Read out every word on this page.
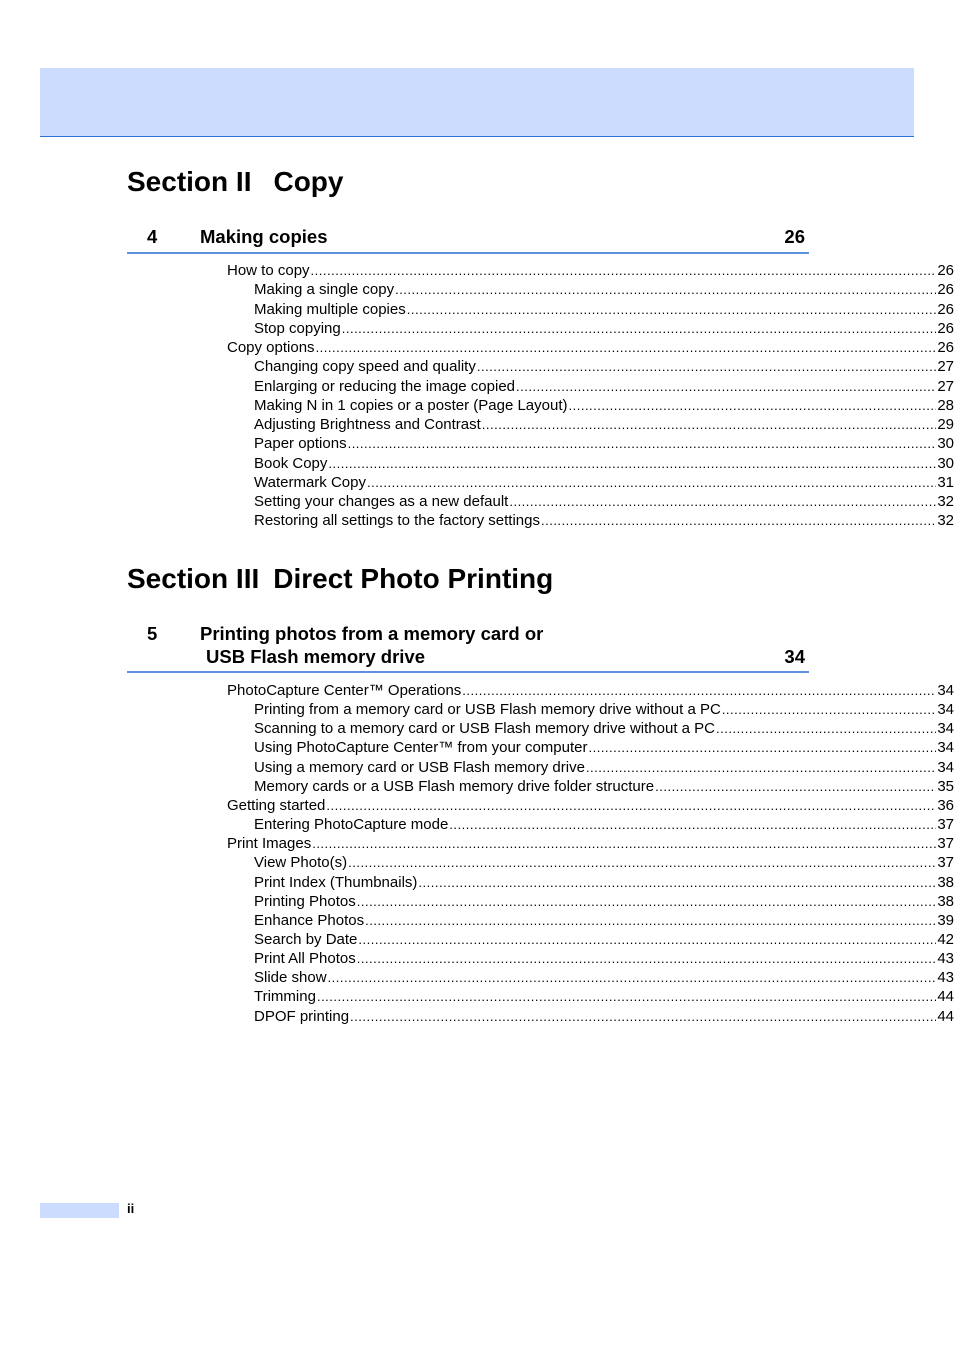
Section II Copy
4 Making copies	26
How to copy .....	26
Making a single copy .....	26
Making multiple copies .....	26
Stop copying .....	26
Copy options .....	26
Changing copy speed and quality .....	27
Enlarging or reducing the image copied .....	27
Making N in 1 copies or a poster (Page Layout) .....	28
Adjusting Brightness and Contrast .....	29
Paper options .....	30
Book Copy .....	30
Watermark Copy .....	31
Setting your changes as a new default .....	32
Restoring all settings to the factory settings .....	32
Section III Direct Photo Printing
5 Printing photos from a memory card or
USB Flash memory drive	34
PhotoCapture Center™ Operations .....	34
Printing from a memory card or USB Flash memory drive without a PC .....	34
Scanning to a memory card or USB Flash memory drive without a PC .....	34
Using PhotoCapture Center™ from your computer .....	34
Using a memory card or USB Flash memory drive .....	34
Memory cards or a USB Flash memory drive folder structure .....	35
Getting started .....	36
Entering PhotoCapture mode .....	37
Print Images .....	37
View Photo(s) .....	37
Print Index (Thumbnails) .....	38
Printing Photos .....	38
Enhance Photos .....	39
Search by Date .....	42
Print All Photos .....	43
Slide show .....	43
Trimming .....	44
DPOF printing .....	44
ii
